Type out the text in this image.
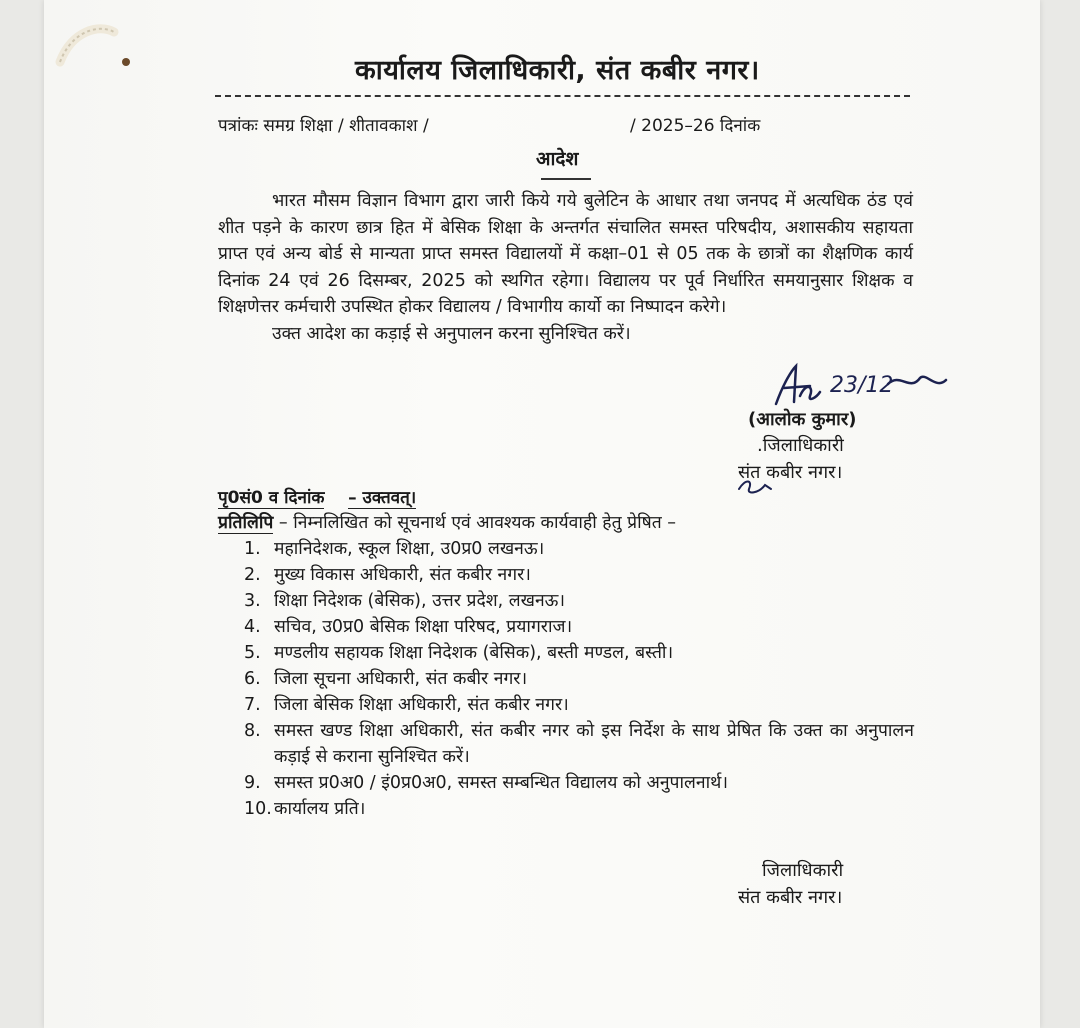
कार्यालय जिलाधिकारी, संत कबीर नगर।
पत्रांकः समग्र शिक्षा / शीतावकाश /	/ 2025–26 दिनांक
आदेश

भारत मौसम विज्ञान विभाग द्वारा जारी किये गये बुलेटिन के आधार तथा जनपद में अत्यधिक ठंड एवं शीत पड़ने के कारण छात्र हित में बेसिक शिक्षा के अन्तर्गत संचालित समस्त परिषदीय, अशासकीय सहायता प्राप्त एवं अन्य बोर्ड से मान्यता प्राप्त समस्त विद्यालयों में कक्षा–01 से 05 तक के छात्रों का शैक्षणिक कार्य दिनांक 24 एवं 26 दिसम्बर, 2025 को स्थगित रहेगा। विद्यालय पर पूर्व निर्धारित समयानुसार शिक्षक व शिक्षणेत्तर कर्मचारी उपस्थित होकर विद्यालय / विभागीय कार्यो का निष्पादन करेगे।

उक्त आदेश का कड़ाई से अनुपालन करना सुनिश्चित करें।

23/12
(आलोक कुमार)
.जिलाधिकारी
संत कबीर नगर।
पृ0सं0 व दिनांक – उक्तवत्।
प्रतिलिपि – निम्नलिखित को सूचनार्थ एवं आवश्यक कार्यवाही हेतु प्रेषित –
1. महानिदेशक, स्कूल शिक्षा, उ0प्र0 लखनऊ।
2. मुख्य विकास अधिकारी, संत कबीर नगर।
3. शिक्षा निदेशक (बेसिक), उत्तर प्रदेश, लखनऊ।
4. सचिव, उ0प्र0 बेसिक शिक्षा परिषद, प्रयागराज।
5. मण्डलीय सहायक शिक्षा निदेशक (बेसिक), बस्ती मण्डल, बस्ती।
6. जिला सूचना अधिकारी, संत कबीर नगर।
7. जिला बेसिक शिक्षा अधिकारी, संत कबीर नगर।
8. समस्त खण्ड शिक्षा अधिकारी, संत कबीर नगर को इस निर्देश के साथ प्रेषित कि उक्त का अनुपालन कड़ाई से कराना सुनिश्चित करें।
9. समस्त प्र0अ0 / इं0प्र0अ0, समस्त सम्बन्धित विद्यालय को अनुपालनार्थ।
10. कार्यालय प्रति।
जिलाधिकारी
संत कबीर नगर।
